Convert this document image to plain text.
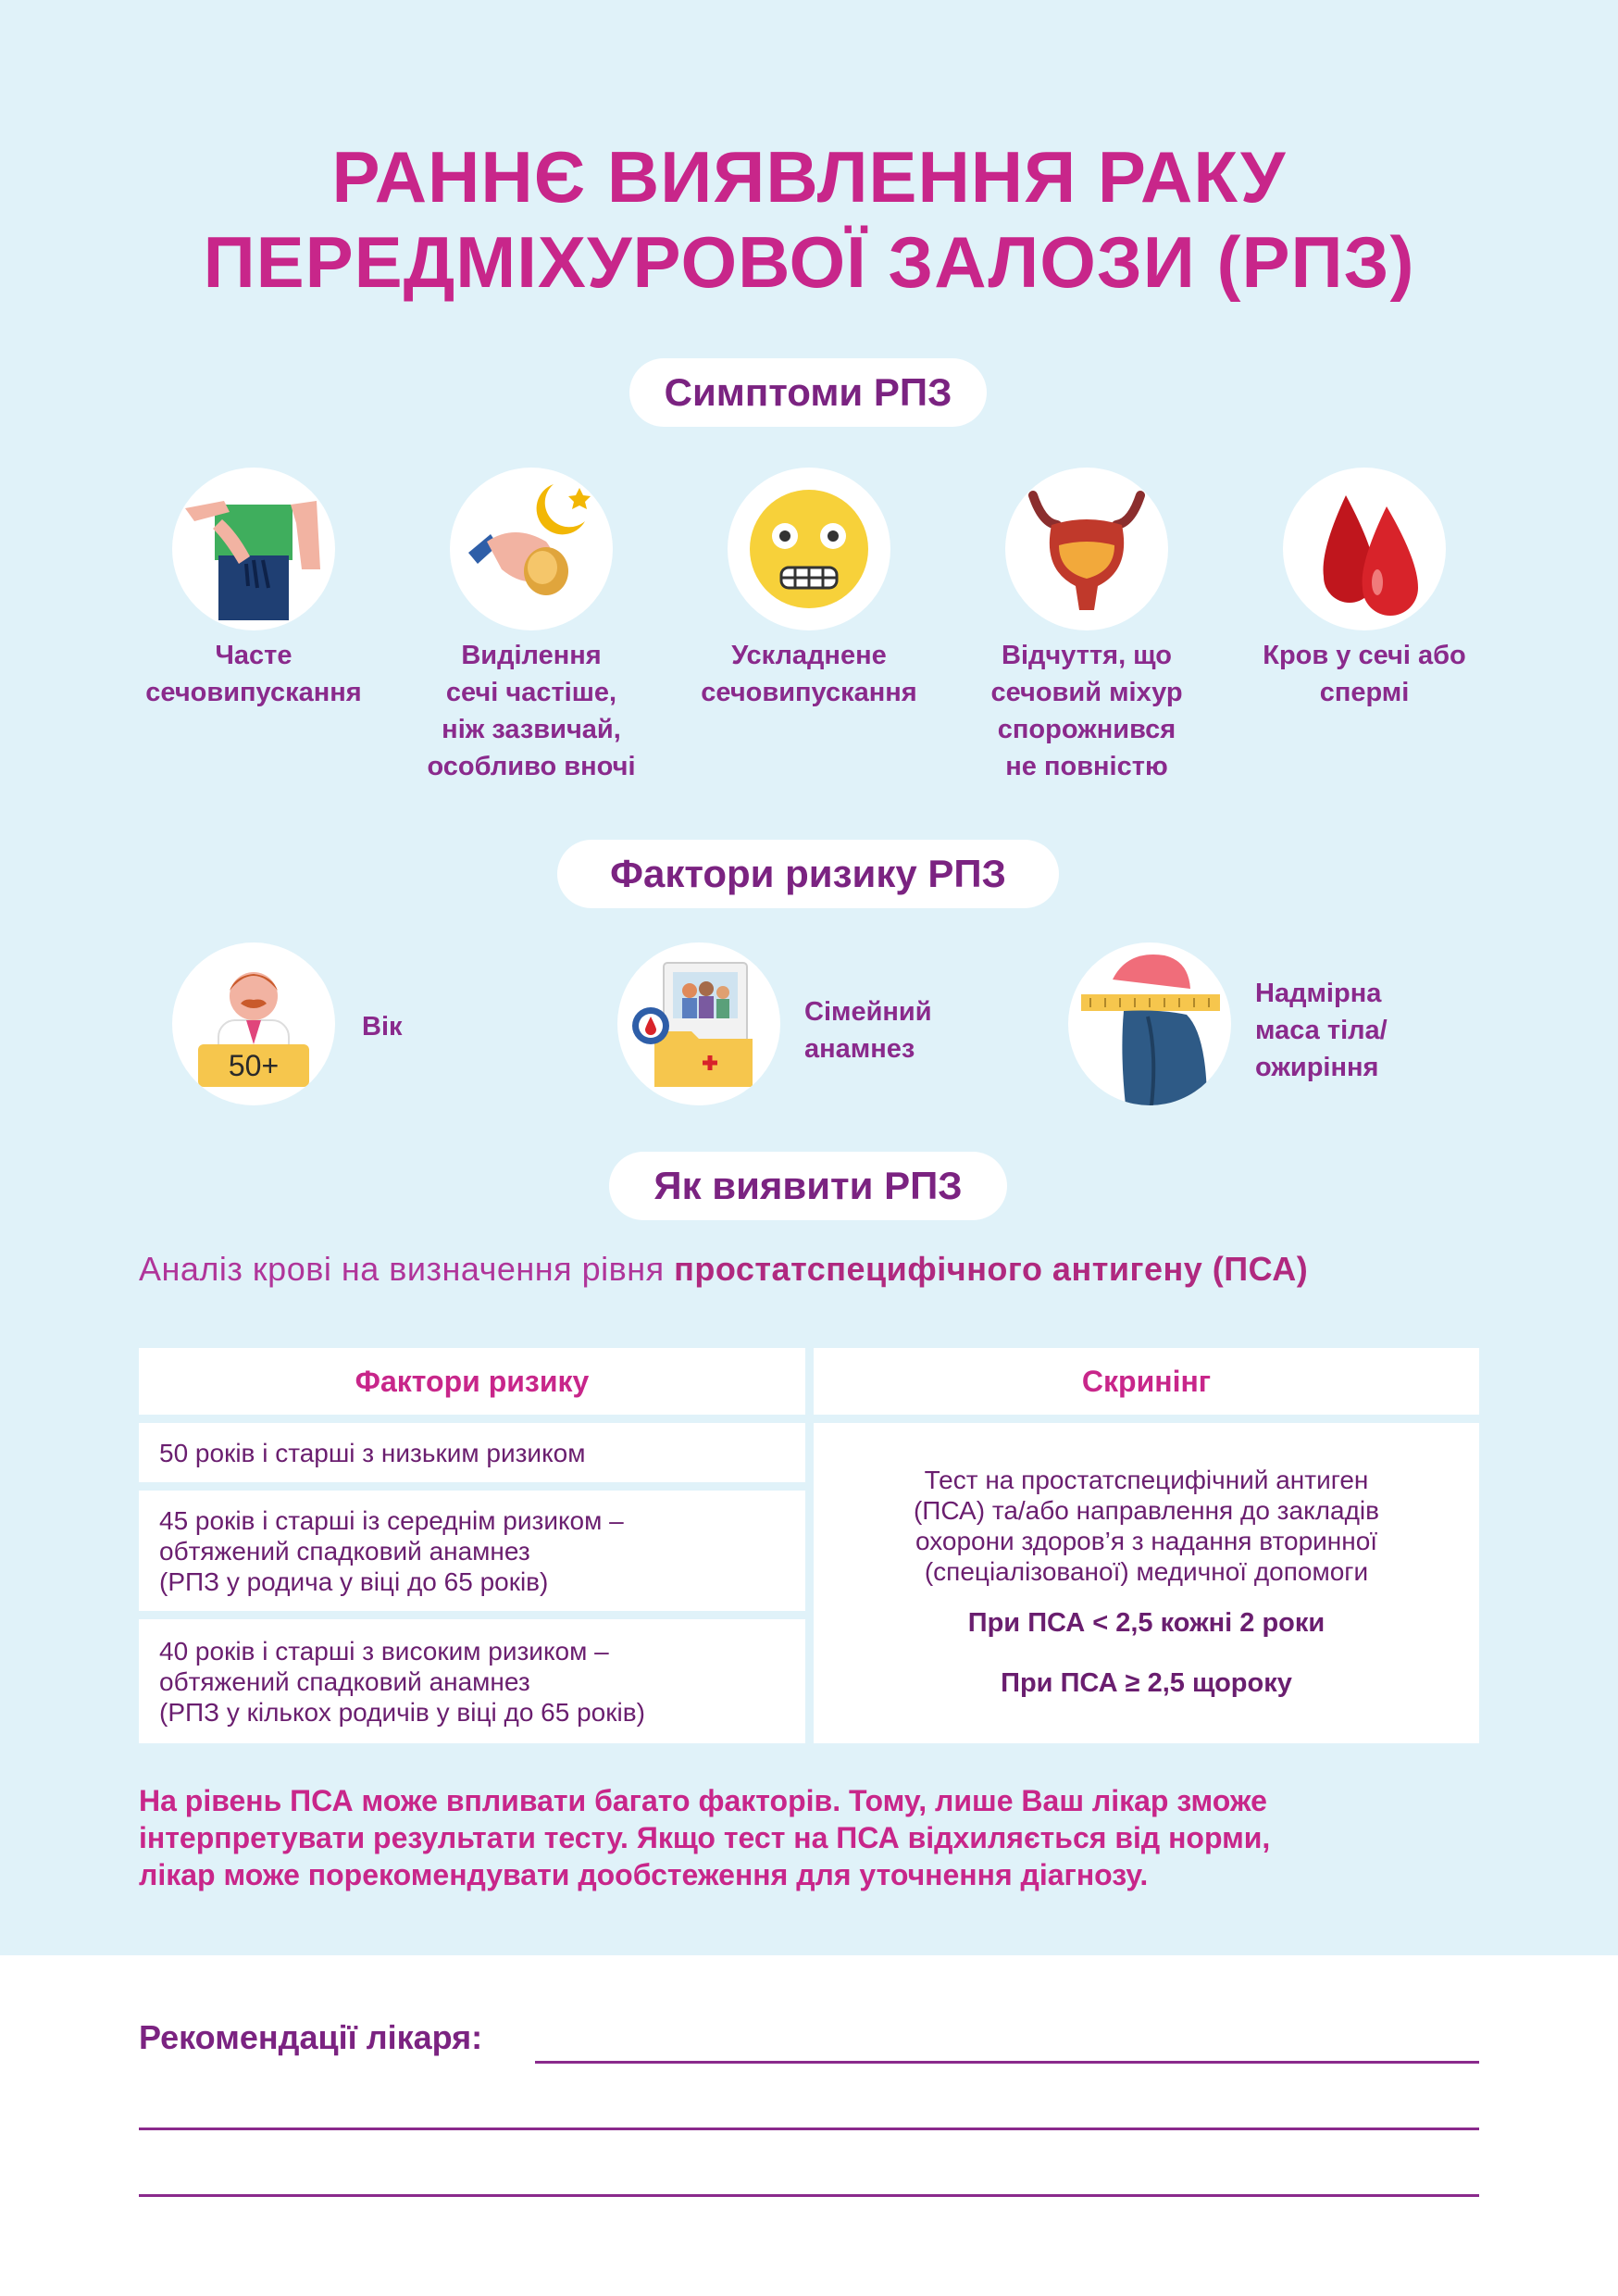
РАННЄ ВИЯВЛЕННЯ РАКУ
ПЕРЕДМІХУРОВОЇ ЗАЛОЗИ (РПЗ)
Симптоми РПЗ
Часте
сечовипускання
Виділення
сечі частіше,
ніж зазвичай,
особливо вночі
Ускладнене
сечовипускання
Відчуття, що
сечовий міхур
спорожнився
не повністю
Кров у сечі або
спермі
Фактори ризику РПЗ
50+
Вік	Сімейний
анамнез
Надмірна
маса тіла/
ожиріння
Як виявити РПЗ
Аналіз крові на визначення рівня простатспецифічного антигену (ПСА)
Фактори ризику	Скринінг
50 років і старші з низьким ризиком
45 років і старші із середнім ризиком –
обтяжений спадковий анамнез
(РПЗ у родича у віці до 65 років)
40 років і старші з високим ризиком –
обтяжений спадковий анамнез
(РПЗ у кількох родичів у віці до 65 років)
Тест на простатспецифічний антиген
(ПСА) та/або направлення до закладів
охорони здоров’я з надання вторинної
(спеціалізованої) медичної допомоги
При ПСА < 2,5 кожні 2 роки
При ПСА ≥ 2,5 щороку
На рівень ПСА може впливати багато факторів. Тому, лише Ваш лікар зможе
інтерпретувати результати тесту. Якщо тест на ПСА відхиляється від норми,
лікар може порекомендувати дообстеження для уточнення діагнозу.
Рекомендації лікаря:
